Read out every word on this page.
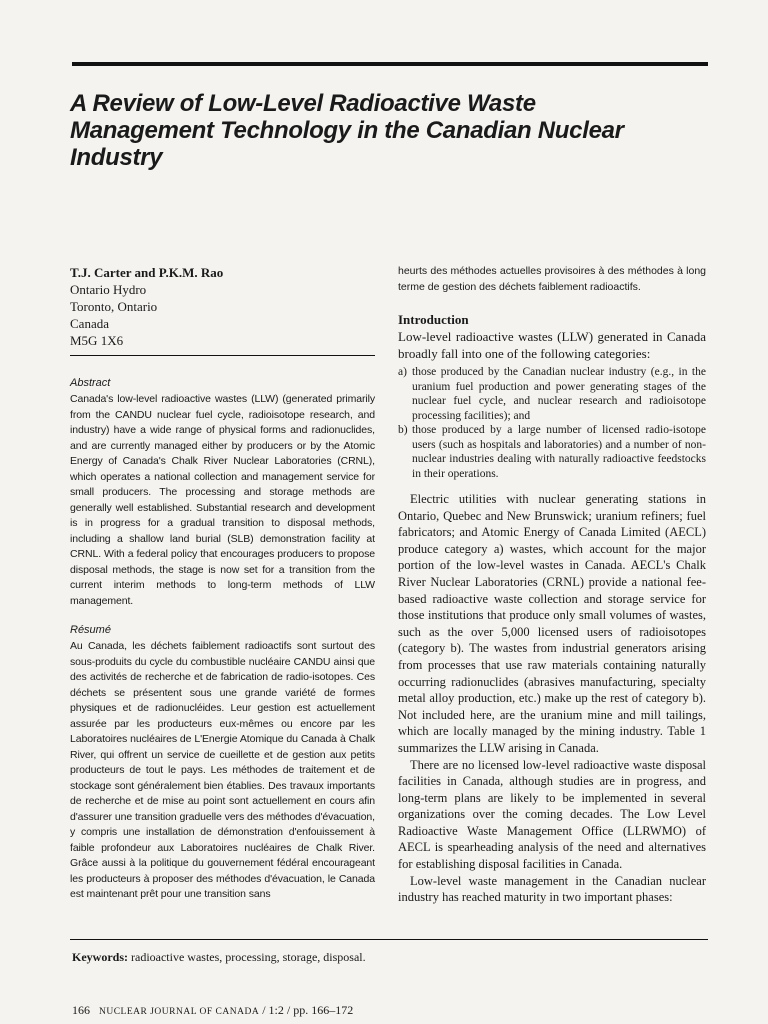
A Review of Low-Level Radioactive Waste Management Technology in the Canadian Nuclear Industry
T.J. Carter and P.K.M. Rao
Ontario Hydro
Toronto, Ontario
Canada
M5G 1X6

Abstract

Canada's low-level radioactive wastes (LLW) (generated primarily from the CANDU nuclear fuel cycle, radioisotope research, and industry) have a wide range of physical forms and radionuclides, and are currently managed either by producers or by the Atomic Energy of Canada's Chalk River Nuclear Laboratories (CRNL), which operates a national collection and management service for small producers. The processing and storage methods are generally well established. Substantial research and development is in progress for a gradual transition to disposal methods, including a shallow land burial (SLB) demonstration facility at CRNL. With a federal policy that encourages producers to propose disposal methods, the stage is now set for a transition from the current interim methods to long-term methods of LLW management.

Résumé

Au Canada, les déchets faiblement radioactifs sont surtout des sous-produits du cycle du combustible nucléaire CANDU ainsi que des activités de recherche et de fabrication de radio-isotopes. Ces déchets se présentent sous une grande variété de formes physiques et de radionucléides. Leur gestion est actuellement assurée par les producteurs eux-mêmes ou encore par les Laboratoires nucléaires de L'Energie Atomique du Canada à Chalk River, qui offrent un service de cueillette et de gestion aux petits producteurs de tout le pays. Les méthodes de traitement et de stockage sont généralement bien établies. Des travaux importants de recherche et de mise au point sont actuellement en cours afin d'assurer une transition graduelle vers des méthodes d'évacuation, y compris une installation de démonstration d'enfouissement à faible profondeur aux Laboratoires nucléaires de Chalk River. Grâce aussi à la politique du gouvernement fédéral encourageant les producteurs à proposer des méthodes d'évacuation, le Canada est maintenant prêt pour une transition sans

heurts des méthodes actuelles provisoires à des méthodes à long terme de gestion des déchets faiblement radioactifs.

Introduction

Low-level radioactive wastes (LLW) generated in Canada broadly fall into one of the following categories:

a) those produced by the Canadian nuclear industry (e.g., in the uranium fuel production and power generating stages of the nuclear fuel cycle, and nuclear research and radioisotope processing facilities); and
b) those produced by a large number of licensed radio-isotope users (such as hospitals and laboratories) and a number of non-nuclear industries dealing with naturally radioactive feedstocks in their operations.

Electric utilities with nuclear generating stations in Ontario, Quebec and New Brunswick; uranium refiners; fuel fabricators; and Atomic Energy of Canada Limited (AECL) produce category a) wastes, which account for the major portion of the low-level wastes in Canada. AECL's Chalk River Nuclear Laboratories (CRNL) provide a national fee-based radioactive waste collection and storage service for those institutions that produce only small volumes of wastes, such as the over 5,000 licensed users of radioisotopes (category b). The wastes from industrial generators arising from processes that use raw materials containing naturally occurring radionuclides (abrasives manufacturing, specialty metal alloy production, etc.) make up the rest of category b). Not included here, are the uranium mine and mill tailings, which are locally managed by the mining industry. Table 1 summarizes the LLW arising in Canada.

There are no licensed low-level radioactive waste disposal facilities in Canada, although studies are in progress, and long-term plans are likely to be implemented in several organizations over the coming decades. The Low Level Radioactive Waste Management Office (LLRWMO) of AECL is spearheading analysis of the need and alternatives for establishing disposal facilities in Canada.

Low-level waste management in the Canadian nuclear industry has reached maturity in two important phases:

Keywords: radioactive wastes, processing, storage, disposal.
166 NUCLEAR JOURNAL OF CANADA / 1:2 / pp. 166–172
